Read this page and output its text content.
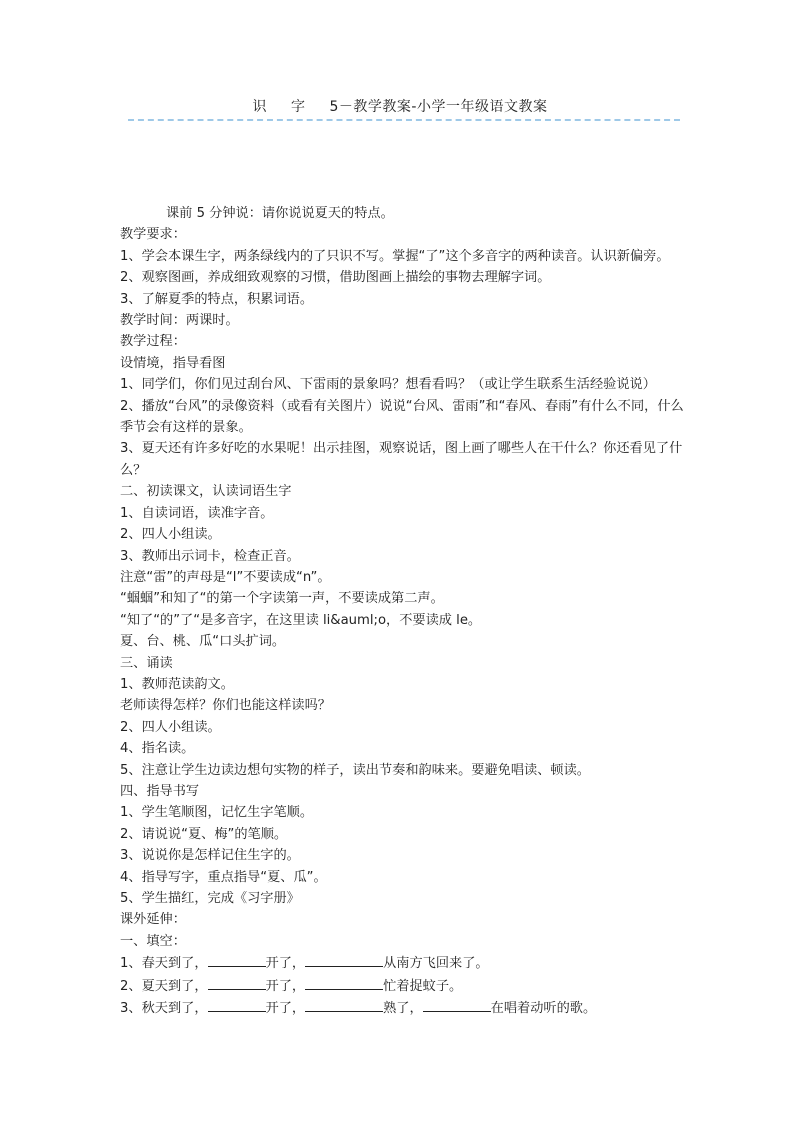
识 字 5－教学教案-小学一年级语文教案

课前 5 分钟说：请你说说夏天的特点。

教学要求：

1、学会本课生字，两条绿线内的了只识不写。掌握“了”这个多音字的两种读音。认识新偏旁。

2、观察图画，养成细致观察的习惯，借助图画上描绘的事物去理解字词。

3、了解夏季的特点，积累词语。

教学时间：两课时。

教学过程：

设情境，指导看图

1、同学们，你们见过刮台风、下雷雨的景象吗？想看看吗？（或让学生联系生活经验说说）

2、播放“台风”的录像资料（或看有关图片）说说“台风、雷雨”和“春风、春雨”有什么不同，什么季节会有这样的景象。

3、夏天还有许多好吃的水果呢！出示挂图，观察说话，图上画了哪些人在干什么？你还看见了什么？

二、初读课文，认读词语生字

1、自读词语，读准字音。

2、四人小组读。

3、教师出示词卡，检查正音。

注意“雷”的声母是“l”不要读成“n”。

“蝈蝈”和知了“的第一个字读第一声，不要读成第二声。

“知了“的”了“是多音字，在这里读 li&auml;o，不要读成 le。

夏、台、桃、瓜“口头扩词。

三、诵读

1、教师范读韵文。

老师读得怎样？你们也能这样读吗？

2、四人小组读。

4、指名读。

5、注意让学生边读边想句实物的样子，读出节奏和韵味来。要避免唱读、顿读。

四、指导书写

1、学生笔顺图，记忆生字笔顺。

2、请说说“夏、梅”的笔顺。

3、说说你是怎样记住生字的。

4、指导写字，重点指导“夏、瓜”。

5、学生描红，完成《习字册》

课外延伸：

一、填空：

1、春天到了，	开了，	从南方飞回来了。

2、夏天到了，	开了，	忙着捉蚊子。

3、秋天到了，	开了，	熟了，	在唱着动听的歌。
